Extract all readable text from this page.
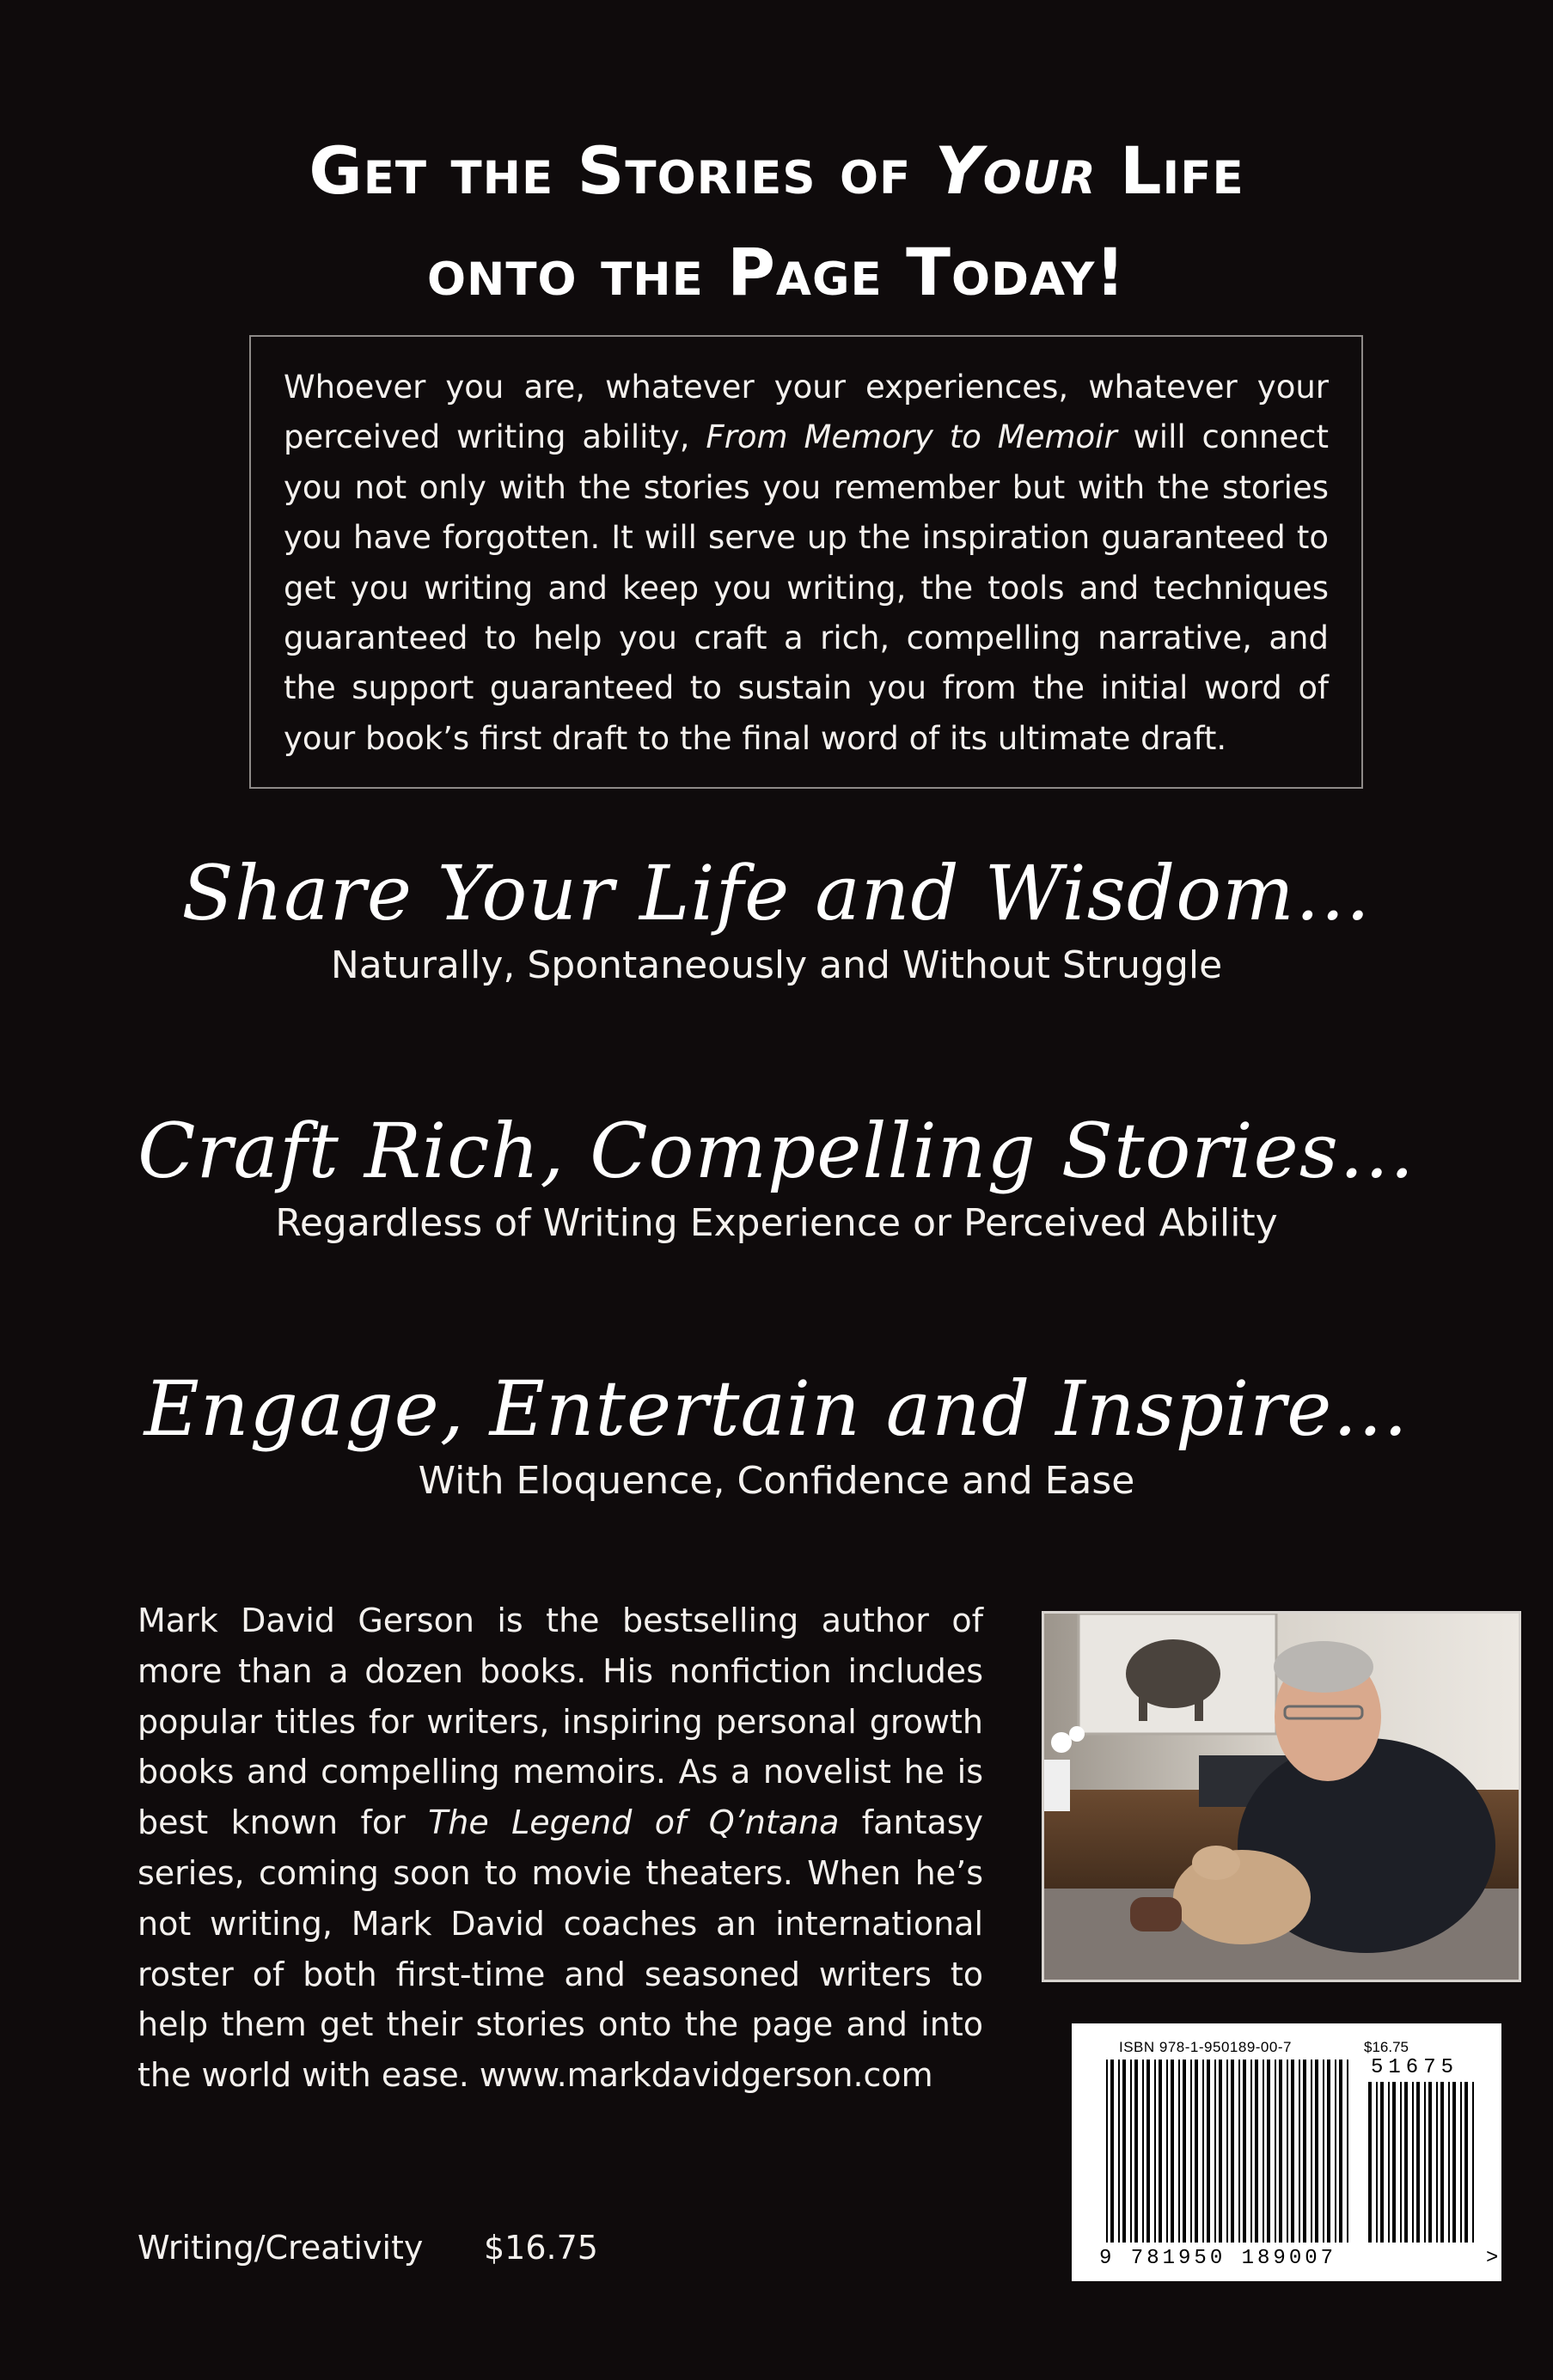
Get the Stories of Your Life
onto the Page Today!

Whoever you are, whatever your experiences, whatever your perceived writing ability, From Memory to Memoir will connect you not only with the stories you remember but with the stories you have forgotten. It will serve up the inspiration guaranteed to get you writing and keep you writing, the tools and techniques guaranteed to help you craft a rich, compelling narrative, and the support guaranteed to sustain you from the initial word of your book’s first draft to the final word of its ultimate draft.

Share Your Life and Wisdom…
Naturally, Spontaneously and Without Struggle
Craft Rich, Compelling Stories…
Regardless of Writing Experience or Perceived Ability
Engage, Entertain and Inspire…
With Eloquence, Confidence and Ease

Mark David Gerson is the bestselling author of more than a dozen books. His nonfiction includes popular titles for writers, inspiring personal growth books and compelling memoirs. As a novelist he is best known for The Legend of Q’ntana fantasy series, coming soon to movie theaters. When he’s not writing, Mark David coaches an international roster of both first-time and seasoned writers to help them get their stories onto the page and into the world with ease. www.markdavidgerson.com

ISBN 978-1-950189-00-7	$16.75
51675
9 781950 189007	>
Writing/Creativity $16.75
